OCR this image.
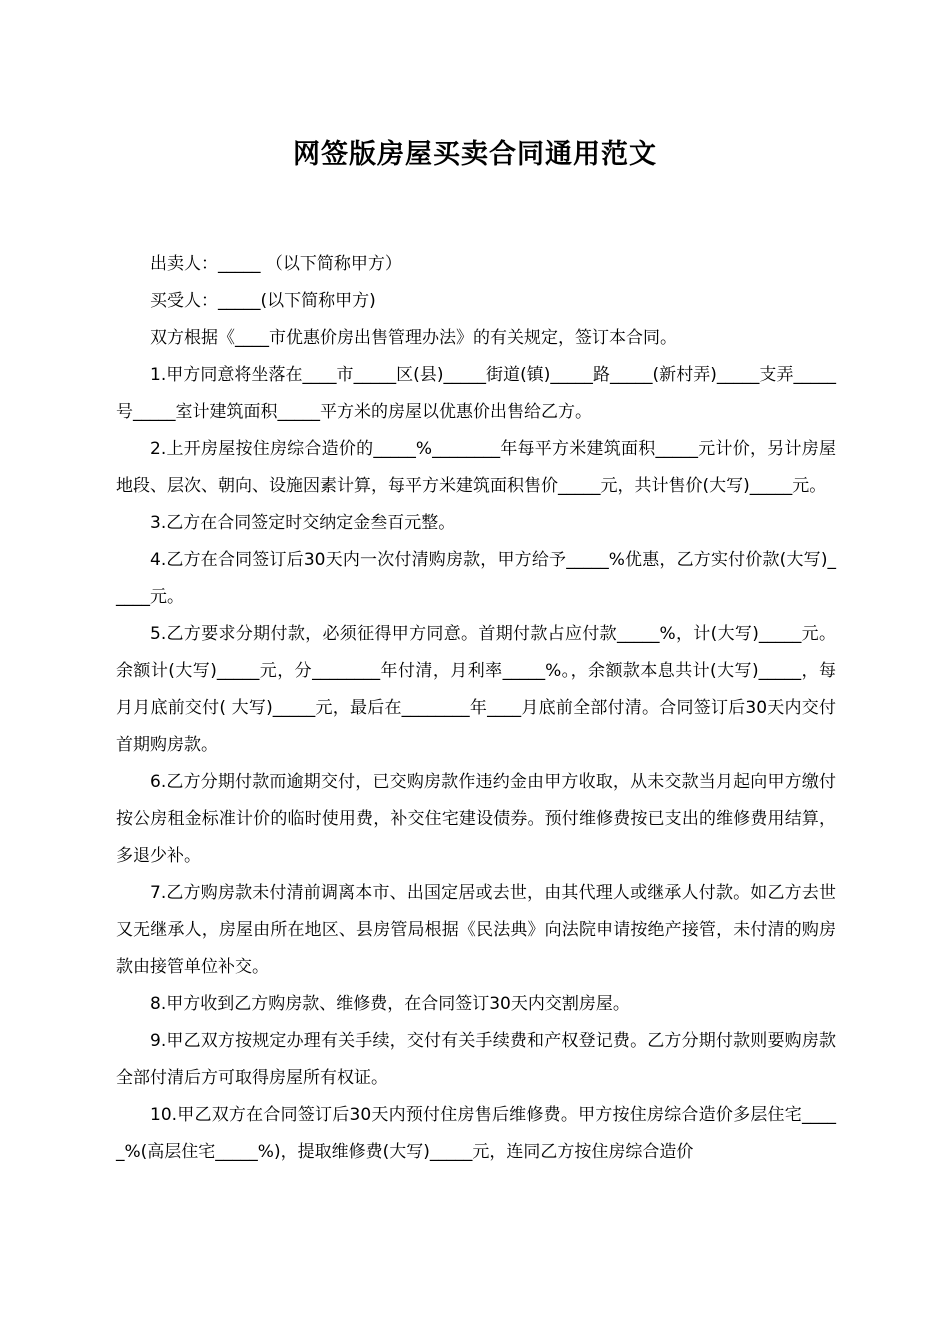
网签版房屋买卖合同通用范文

出卖人：_____ （以下简称甲方）

买受人：_____(以下简称甲方)

双方根据《____市优惠价房出售管理办法》的有关规定，签订本合同。

1.甲方同意将坐落在____市_____区(县)_____街道(镇)_____路_____(新村弄)_____支弄_____号_____室计建筑面积_____平方米的房屋以优惠价出售给乙方。

2.上开房屋按住房综合造价的_____%________年每平方米建筑面积_____元计价，另计房屋地段、层次、朝向、设施因素计算，每平方米建筑面积售价_____元，共计售价(大写)_____元。

3.乙方在合同签定时交纳定金叁百元整。

4.乙方在合同签订后30天内一次付清购房款，甲方给予_____%优惠，乙方实付价款(大写)_____元。

5.乙方要求分期付款，必须征得甲方同意。首期付款占应付款_____%，计(大写)_____元。余额计(大写)_____元，分________年付清，月利率_____%。，余额款本息共计(大写)_____，每月月底前交付( 大写)_____元，最后在________年____月底前全部付清。合同签订后30天内交付首期购房款。

6.乙方分期付款而逾期交付，已交购房款作违约金由甲方收取，从未交款当月起向甲方缴付按公房租金标准计价的临时使用费，补交住宅建设债券。预付维修费按已支出的维修费用结算，多退少补。

7.乙方购房款未付清前调离本市、出国定居或去世，由其代理人或继承人付款。如乙方去世又无继承人，房屋由所在地区、县房管局根据《民法典》向法院申请按绝产接管，未付清的购房款由接管单位补交。

8.甲方收到乙方购房款、维修费，在合同签订30天内交割房屋。

9.甲乙双方按规定办理有关手续，交付有关手续费和产权登记费。乙方分期付款则要购房款全部付清后方可取得房屋所有权证。

10.甲乙双方在合同签订后30天内预付住房售后维修费。甲方按住房综合造价多层住宅_____%(高层住宅_____%)，提取维修费(大写)_____元，连同乙方按住房综合造价
